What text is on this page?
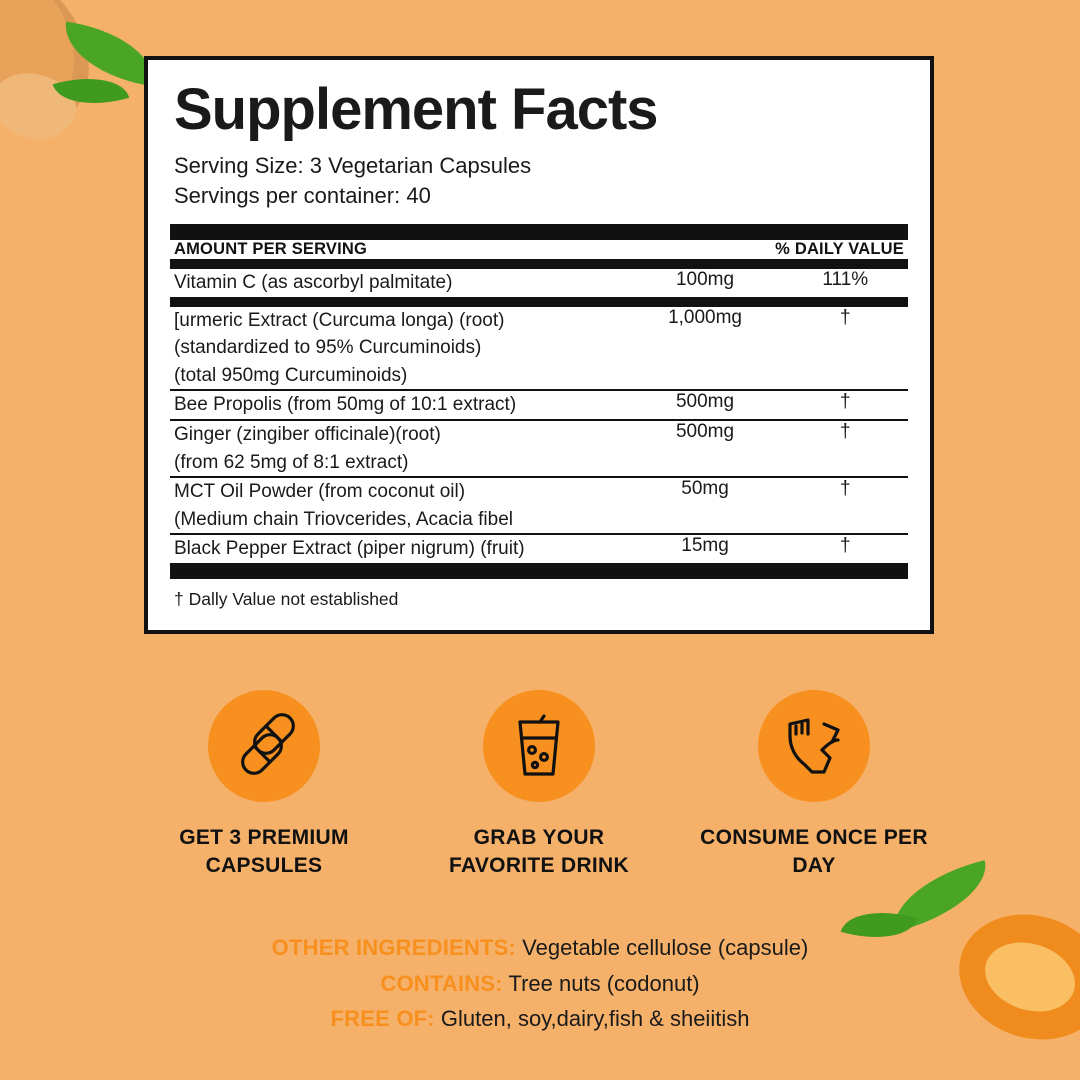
Supplement Facts
Serving Size: 3 Vegetarian Capsules
Servings per container: 40
AMOUNT PER SERVING	% DAILY VALUE
Vitamin C (as ascorbyl palmitate)	100mg	111%
[urmeric Extract (Curcuma longa) (root)
(standardized to 95% Curcuminoids)
(total 950mg Curcuminoids)	1,000mg	†
Bee Propolis (from 50mg of 10:1 extract)	500mg	†

Ginger (zingiber officinale)(root)
(from 62 5mg of 8:1 extract)	500mg	†

MCT Oil Powder (from coconut oil)
(Medium chain Triovcerides, Acacia fibel	50mg	†
Black Pepper Extract (piper nigrum) (fruit)	15mg	†
† Dally Value not established
GET 3 PREMIUM CAPSULES
GRAB YOUR FAVORITE DRINK
CONSUME ONCE PER DAY
OTHER INGREDIENTS: Vegetable cellulose (capsule)
CONTAINS: Tree nuts (codonut)
FREE OF: Gluten, soy,dairy,fish & sheiitish
